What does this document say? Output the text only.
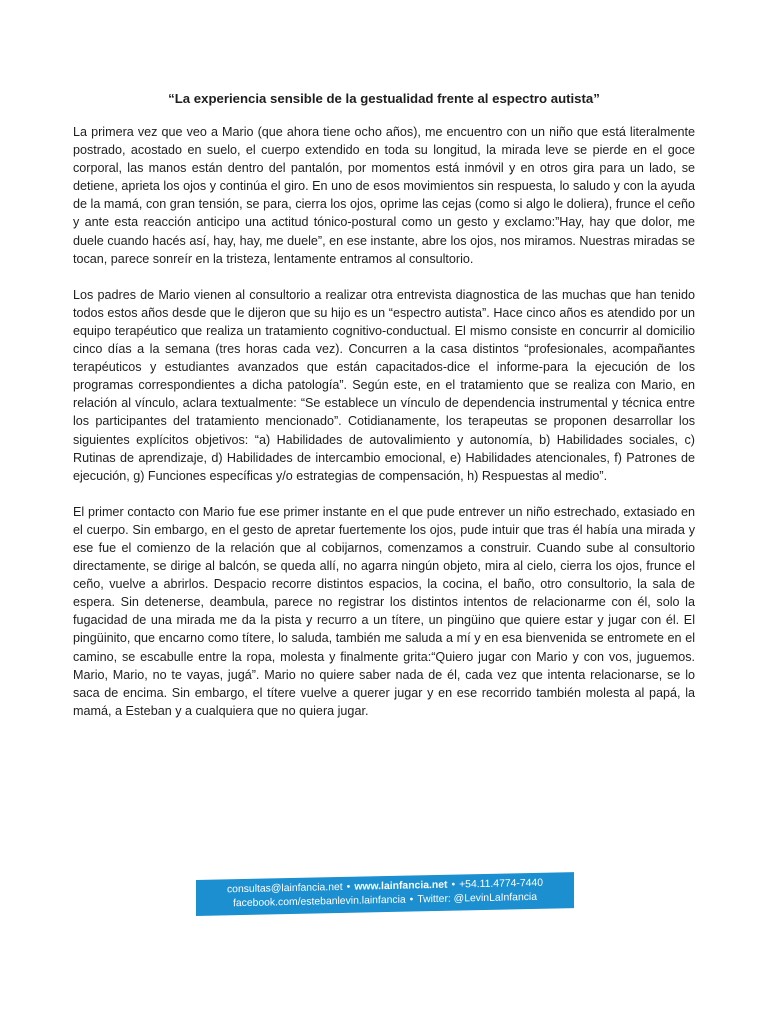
“La experiencia sensible de la gestualidad frente al espectro autista”

La primera vez que veo a Mario (que ahora tiene ocho años), me encuentro con un niño que está literalmente postrado, acostado en suelo, el cuerpo extendido en toda su longitud, la mirada leve se pierde en el goce corporal, las manos están dentro del pantalón, por momentos está inmóvil y en otros gira para un lado, se detiene, aprieta los ojos y continúa el giro. En uno de esos movimientos sin respuesta, lo saludo y con la ayuda de la mamá, con gran tensión, se para, cierra los ojos, oprime las cejas (como si algo le doliera), frunce el ceño y ante esta reacción anticipo una actitud tónico-postural como un gesto y exclamo:”Hay, hay que dolor, me duele cuando hacés así, hay, hay, me duele”, en ese instante, abre los ojos, nos miramos. Nuestras miradas se tocan, parece sonreír en la tristeza, lentamente entramos al consultorio.

Los padres de Mario vienen al consultorio a realizar otra entrevista diagnostica de las muchas que han tenido todos estos años desde que le dijeron que su hijo es un “espectro autista”. Hace cinco años es atendido por un equipo terapéutico que realiza un tratamiento cognitivo-conductual. El mismo consiste en concurrir al domicilio cinco días a la semana (tres horas cada vez). Concurren a la casa distintos “profesionales, acompañantes terapéuticos y estudiantes avanzados que están capacitados-dice el informe-para la ejecución de los programas correspondientes a dicha patología”. Según este, en el tratamiento que se realiza con Mario, en relación al vínculo, aclara textualmente: “Se establece un vínculo de dependencia instrumental y técnica entre los participantes del tratamiento mencionado”. Cotidianamente, los terapeutas se proponen desarrollar los siguientes explícitos objetivos: “a) Habilidades de autovalimiento y autonomía, b) Habilidades sociales, c) Rutinas de aprendizaje, d) Habilidades de intercambio emocional, e) Habilidades atencionales, f) Patrones de ejecución, g) Funciones específicas y/o estrategias de compensación, h) Respuestas al medio”.

El primer contacto con Mario fue ese primer instante en el que pude entrever un niño estrechado, extasiado en el cuerpo. Sin embargo, en el gesto de apretar fuertemente los ojos, pude intuir que tras él había una mirada y ese fue el comienzo de la relación que al cobijarnos, comenzamos a construir. Cuando sube al consultorio directamente, se dirige al balcón, se queda allí, no agarra ningún objeto, mira al cielo, cierra los ojos, frunce el ceño, vuelve a abrirlos. Despacio recorre distintos espacios, la cocina, el baño, otro consultorio, la sala de espera. Sin detenerse, deambula, parece no registrar los distintos intentos de relacionarme con él, solo la fugacidad de una mirada me da la pista y recurro a un títere, un pingüino que quiere estar y jugar con él. El pingüinito, que encarno como títere, lo saluda, también me saluda a mí y en esa bienvenida se entromete en el camino, se escabulle entre la ropa, molesta y finalmente grita:“Quiero jugar con Mario y con vos, juguemos. Mario, Mario, no te vayas, jugá”. Mario no quiere saber nada de él, cada vez que intenta relacionarse, se lo saca de encima. Sin embargo, el títere vuelve a querer jugar y en ese recorrido también molesta al papá, la mamá, a Esteban y a cualquiera que no quiera jugar.

consultas@lainfancia.net • www.lainfancia.net • +54.11.4774-7440
facebook.com/estebanlevin.lainfancia • Twitter: @LevinLaInfancia
